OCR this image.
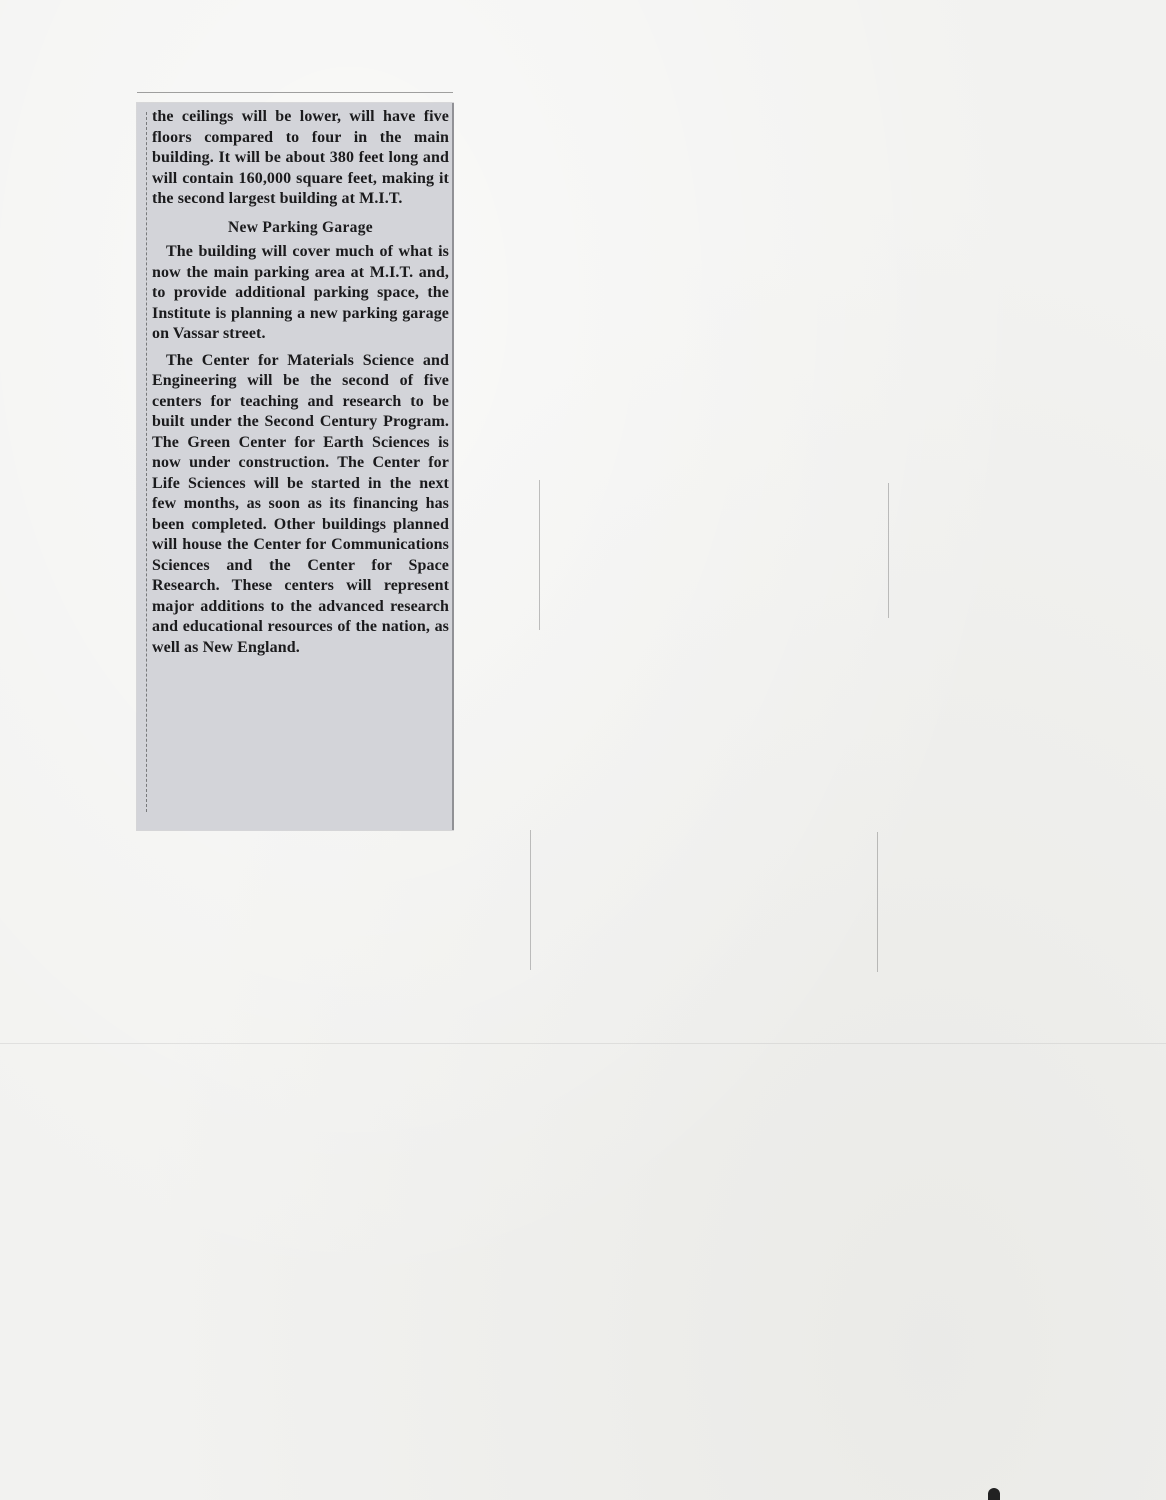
the ceilings will be lower, will have five floors compared to four in the main building. It will be about 380 feet long and will contain 160,000 square feet, making it the second largest building at M.I.T.

New Parking Garage

The building will cover much of what is now the main parking area at M.I.T. and, to provide additional parking space, the Institute is planning a new parking garage on Vassar street.

The Center for Materials Science and Engineering will be the second of five centers for teaching and research to be built under the Second Century Program. The Green Center for Earth Sciences is now under construction. The Center for Life Sciences will be started in the next few months, as soon as its financing has been completed. Other buildings planned will house the Center for Communications Sciences and the Center for Space Research. These centers will represent major additions to the advanced research and educational resources of the nation, as well as New England.
